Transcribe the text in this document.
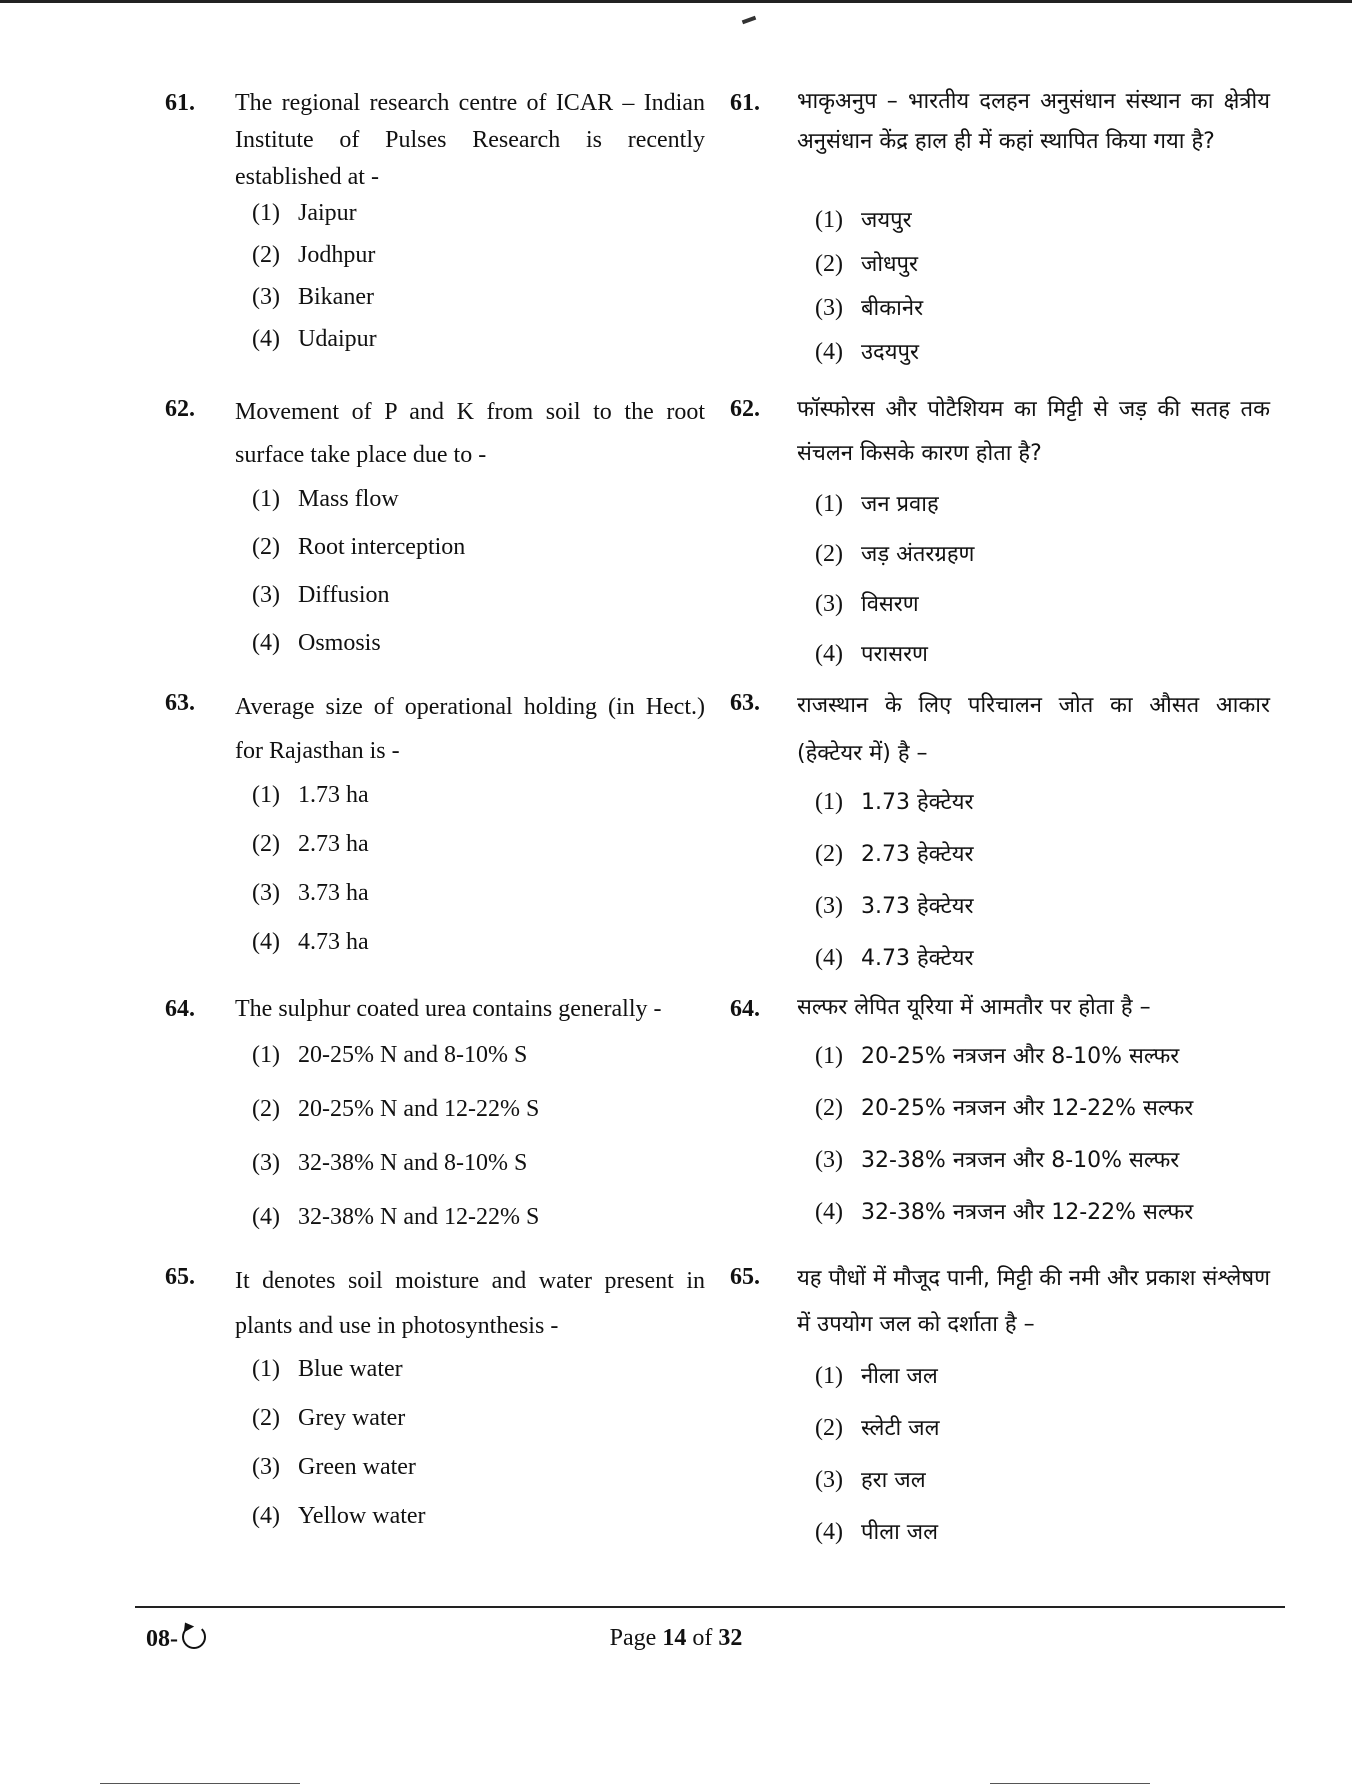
61. The regional research centre of ICAR – Indian Institute of Pulses Research is recently established at -
(1) Jaipur
(2) Jodhpur
(3) Bikaner
(4) Udaipur
62. Movement of P and K from soil to the root surface take place due to -
(1) Mass flow
(2) Root interception
(3) Diffusion
(4) Osmosis
63. Average size of operational holding (in Hect.) for Rajasthan is -
(1) 1.73 ha
(2) 2.73 ha
(3) 3.73 ha
(4) 4.73 ha
64. The sulphur coated urea contains generally -
(1) 20-25% N and 8-10% S
(2) 20-25% N and 12-22% S
(3) 32-38% N and 8-10% S
(4) 32-38% N and 12-22% S
65. It denotes soil moisture and water present in plants and use in photosynthesis -
(1) Blue water
(2) Grey water
(3) Green water
(4) Yellow water
61. भाकृअनुप – भारतीय दलहन अनुसंधान संस्थान का क्षेत्रीय अनुसंधान केंद्र हाल ही में कहां स्थापित किया गया है?
(1) जयपुर
(2) जोधपुर
(3) बीकानेर
(4) उदयपुर
62. फॉस्फोरस और पोटैशियम का मिट्टी से जड़ की सतह तक संचलन किसके कारण होता है?
(1) जन प्रवाह
(2) जड़ अंतरग्रहण
(3) विसरण
(4) परासरण
63. राजस्थान के लिए परिचालन जोत का औसत आकार (हेक्टेयर में) है –
(1) 1.73 हेक्टेयर
(2) 2.73 हेक्टेयर
(3) 3.73 हेक्टेयर
(4) 4.73 हेक्टेयर
64. सल्फर लेपित यूरिया में आमतौर पर होता है –
(1) 20-25% नत्रजन और 8-10% सल्फर
(2) 20-25% नत्रजन और 12-22% सल्फर
(3) 32-38% नत्रजन और 8-10% सल्फर
(4) 32-38% नत्रजन और 12-22% सल्फर
65. यह पौधों में मौजूद पानी, मिट्टी की नमी और प्रकाश संश्लेषण में उपयोग जल को दर्शाता है –
(1) नीला जल
(2) स्लेटी जल
(3) हरा जल
(4) पीला जल
08-	Page 14 of 32
